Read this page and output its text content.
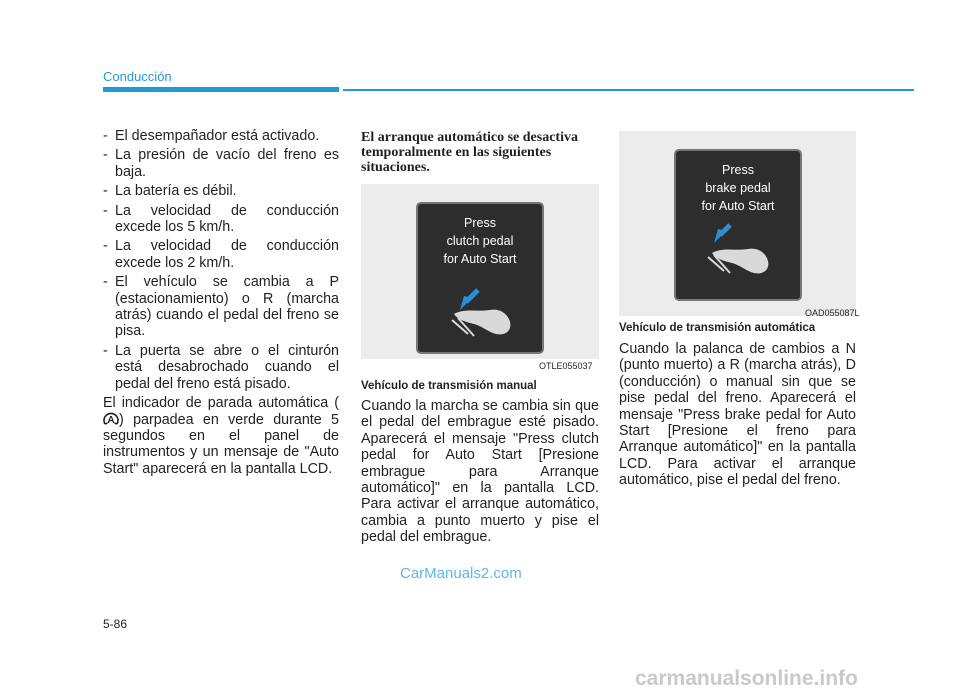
Conducción
- El desempañador está activado.
- La presión de vacío del freno es baja.
- La batería es débil.
- La velocidad de conducción excede los 5 km/h.
- La velocidad de conducción excede los 2 km/h.
- El vehículo se cambia a P (estacionamiento) o R (marcha atrás) cuando el pedal del freno se pisa.
- La puerta se abre o el cinturón está desabrochado cuando el pedal del freno está pisado.
El indicador de parada automática (
A ) parpadea en verde durante 5 segundos en el panel de instrumentos y un mensaje de "Auto Start" aparecerá en la pantalla LCD.
El arranque automático se desactiva temporalmente en las siguientes situaciones.
Press
clutch pedal
for Auto Start
OTLE055037
Vehículo de transmisión manual
Cuando la marcha se cambia sin que el pedal del embrague esté pisado. Aparecerá el mensaje "Press clutch pedal for Auto Start [Presione embrague para Arranque automático]" en la pantalla LCD. Para activar el arranque automático, cambia a punto muerto y pise el pedal del embrague.
Press
brake pedal
for Auto Start
OAD055087L
Vehículo de transmisión automática
Cuando la palanca de cambios a N (punto muerto) a R (marcha atrás), D (conducción) o manual sin que se pise pedal del freno. Aparecerá el mensaje "Press brake pedal for Auto Start [Presione el freno para Arranque automático]" en la pantalla LCD. Para activar el arranque automático, pise el pedal del freno.
CarManuals2.com
5-86
carmanualsonline.info
